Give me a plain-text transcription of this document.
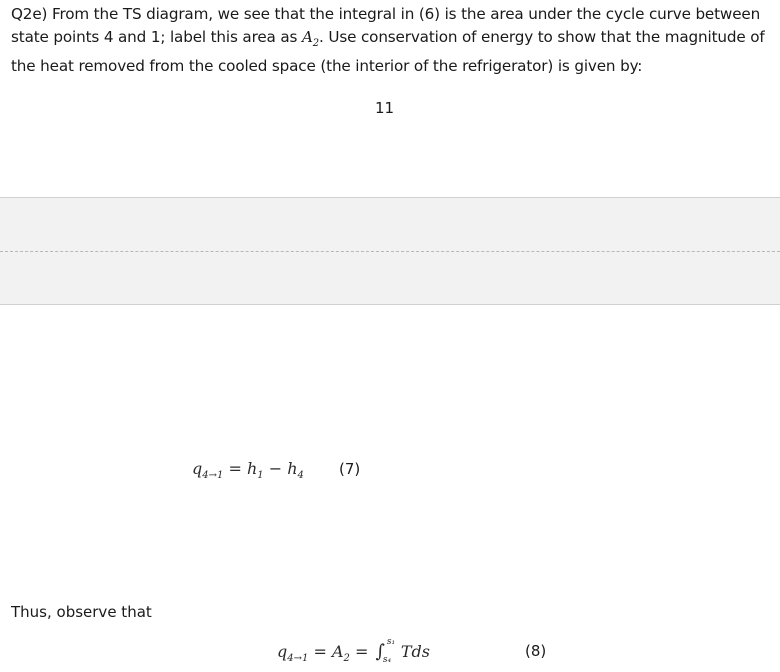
Q2e) From the TS diagram, we see that the integral in (6) is the area under the cycle curve between state points 4 and 1; label this area as $A_2$. Use conservation of energy to show that the magnitude of the heat removed from the cooled space (the interior of the refrigerator) is given by:
11
$q_{4\to 1} = h_1 - h_4$ (7)
Thus, observe that
$q_{4\to 1} = A_2$ = ∫ s₁
s₄ Tds	(8)
